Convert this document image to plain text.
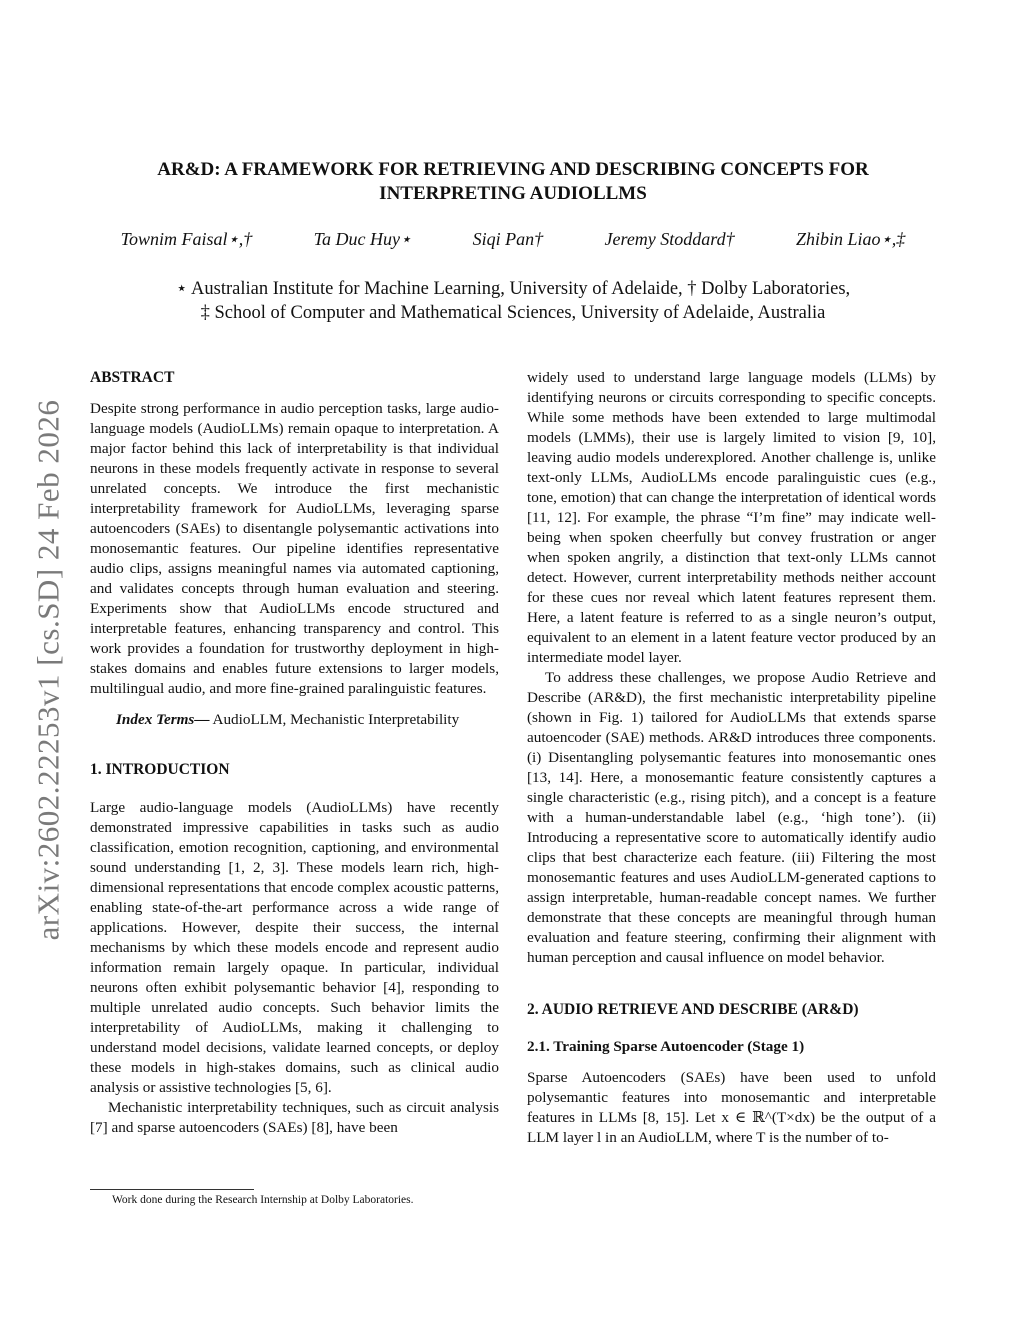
arXiv:2602.22253v1 [cs.SD] 24 Feb 2026
AR&D: A FRAMEWORK FOR RETRIEVING AND DESCRIBING CONCEPTS FOR INTERPRETING AUDIOLLMS
Townim Faisal⋆,†	Ta Duc Huy⋆	Siqi Pan†	Jeremy Stoddard†	Zhibin Liao⋆,‡
⋆ Australian Institute for Machine Learning, University of Adelaide, † Dolby Laboratories,
‡ School of Computer and Mathematical Sciences, University of Adelaide, Australia

ABSTRACT

Despite strong performance in audio perception tasks, large audio-language models (AudioLLMs) remain opaque to interpretation. A major factor behind this lack of interpretability is that individual neurons in these models frequently activate in response to several unrelated concepts. We introduce the first mechanistic interpretability framework for AudioLLMs, leveraging sparse autoencoders (SAEs) to disentangle polysemantic activations into monosemantic features. Our pipeline identifies representative audio clips, assigns meaningful names via automated captioning, and validates concepts through human evaluation and steering. Experiments show that AudioLLMs encode structured and interpretable features, enhancing transparency and control. This work provides a foundation for trustworthy deployment in high-stakes domains and enables future extensions to larger models, multilingual audio, and more fine-grained paralinguistic features.

Index Terms— AudioLLM, Mechanistic Interpretability

1. INTRODUCTION

Large audio-language models (AudioLLMs) have recently demonstrated impressive capabilities in tasks such as audio classification, emotion recognition, captioning, and environmental sound understanding [1, 2, 3]. These models learn rich, high-dimensional representations that encode complex acoustic patterns, enabling state-of-the-art performance across a wide range of applications. However, despite their success, the internal mechanisms by which these models encode and represent audio information remain largely opaque. In particular, individual neurons often exhibit polysemantic behavior [4], responding to multiple unrelated audio concepts. Such behavior limits the interpretability of AudioLLMs, making it challenging to understand model decisions, validate learned concepts, or deploy these models in high-stakes domains, such as clinical audio analysis or assistive technologies [5, 6].

Mechanistic interpretability techniques, such as circuit analysis [7] and sparse autoencoders (SAEs) [8], have been

widely used to understand large language models (LLMs) by identifying neurons or circuits corresponding to specific concepts. While some methods have been extended to large multimodal models (LMMs), their use is largely limited to vision [9, 10], leaving audio models underexplored. Another challenge is, unlike text-only LLMs, AudioLLMs encode paralinguistic cues (e.g., tone, emotion) that can change the interpretation of identical words [11, 12]. For example, the phrase “I’m fine” may indicate well-being when spoken cheerfully but convey frustration or anger when spoken angrily, a distinction that text-only LLMs cannot detect. However, current interpretability methods neither account for these cues nor reveal which latent features represent them. Here, a latent feature is referred to as a single neuron’s output, equivalent to an element in a latent feature vector produced by an intermediate model layer.

To address these challenges, we propose Audio Retrieve and Describe (AR&D), the first mechanistic interpretability pipeline (shown in Fig. 1) tailored for AudioLLMs that extends sparse autoencoder (SAE) methods. AR&D introduces three components. (i) Disentangling polysemantic features into monosemantic ones [13, 14]. Here, a monosemantic feature consistently captures a single characteristic (e.g., rising pitch), and a concept is a feature with a human-understandable label (e.g., ‘high tone’). (ii) Introducing a representative score to automatically identify audio clips that best characterize each feature. (iii) Filtering the most monosemantic features and uses AudioLLM-generated captions to assign interpretable, human-readable concept names. We further demonstrate that these concepts are meaningful through human evaluation and feature steering, confirming their alignment with human perception and causal influence on model behavior.

2. AUDIO RETRIEVE AND DESCRIBE (AR&D)

2.1. Training Sparse Autoencoder (Stage 1)

Sparse Autoencoders (SAEs) have been used to unfold polysemantic features into monosemantic and interpretable features in LLMs [8, 15]. Let x ∈ ℝ^(T×dx) be the output of a LLM layer l in an AudioLLM, where T is the number of to-

Work done during the Research Internship at Dolby Laboratories.
